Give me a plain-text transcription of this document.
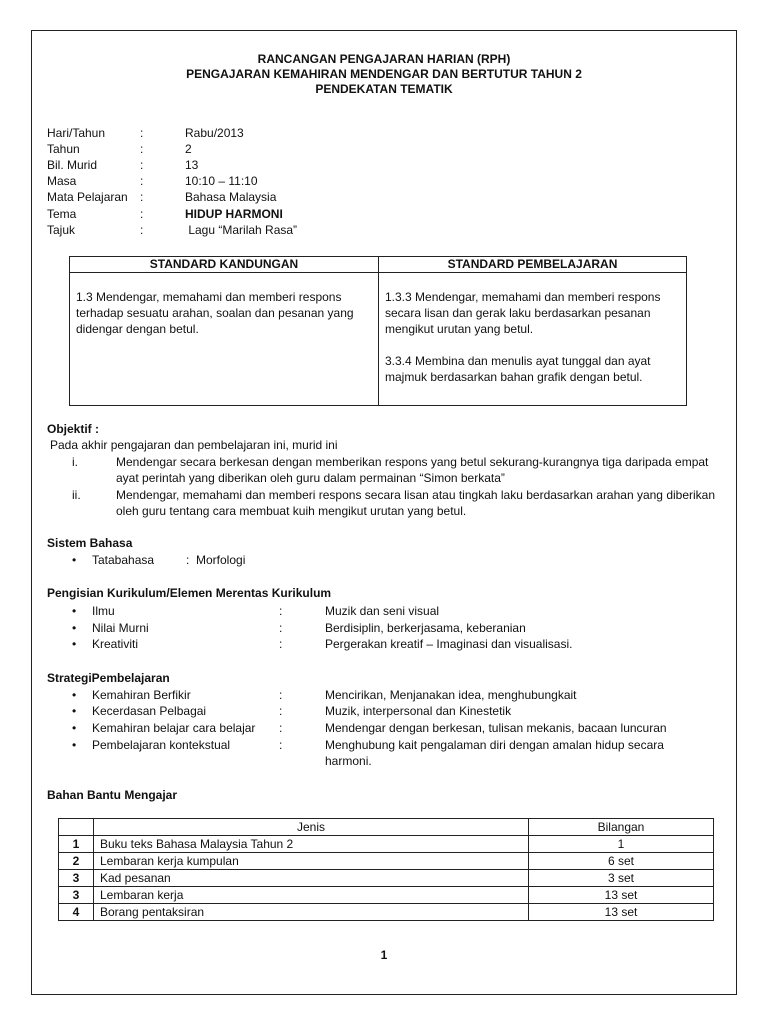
RANCANGAN PENGAJARAN HARIAN (RPH)
PENGAJARAN KEMAHIRAN MENDENGAR DAN BERTUTUR TAHUN 2
PENDEKATAN TEMATIK
Hari/Tahun	:	Rabu/2013
Tahun	:	2
Bil. Murid	:	13
Masa	:	10:10 – 11:10
Mata Pelajaran :	Bahasa Malaysia
Tema	:	HIDUP HARMONI
Tajuk	:	Lagu “Marilah Rasa”
STANDARD KANDUNGAN	STANDARD PEMBELAJARAN

1.3 Mendengar, memahami dan memberi respons terhadap sesuatu arahan, soalan dan pesanan yang didengar dengan betul.	1.3.3 Mendengar, memahami dan memberi respons secara lisan dan gerak laku berdasarkan pesanan mengikut urutan yang betul.

3.3.4 Membina dan menulis ayat tunggal dan ayat majmuk berdasarkan bahan grafik dengan betul.

Objektif :
Pada akhir pengajaran dan pembelajaran ini, murid ini
i.	Mendengar secara berkesan dengan memberikan respons yang betul sekurang-kurangnya tiga daripada empat ayat perintah yang diberikan oleh guru dalam permainan “Simon berkata”
ii.	Mendengar, memahami dan memberi respons secara lisan atau tingkah laku berdasarkan arahan yang diberikan oleh guru tentang cara membuat kuih mengikut urutan yang betul.
Sistem Bahasa
• Tatabahasa	:  Morfologi
Pengisian Kurikulum/Elemen Merentas Kurikulum
• Ilmu	:	Muzik dan seni visual
• Nilai Murni	:	Berdisiplin, berkerjasama, keberanian
• Kreativiti	:	Pergerakan kreatif – Imaginasi dan visualisasi.
StrategiPembelajaran
• Kemahiran Berfikir	:	Mencirikan, Menjanakan idea, menghubungkait
• Kecerdasan Pelbagai	:	Muzik, interpersonal dan Kinestetik
• Kemahiran belajar cara belajar :	Mendengar dengan berkesan, tulisan mekanis, bacaan luncuran
• Pembelajaran kontekstual	:	Menghubung kait pengalaman diri dengan amalan hidup secara harmoni.
Bahan Bantu Mengajar
	Jenis	Bilangan
1	Buku teks Bahasa Malaysia Tahun 2	1
2	Lembaran kerja kumpulan	6 set
3	Kad pesanan	3 set
3	Lembaran kerja	13 set
4	Borang pentaksiran	13 set
1
